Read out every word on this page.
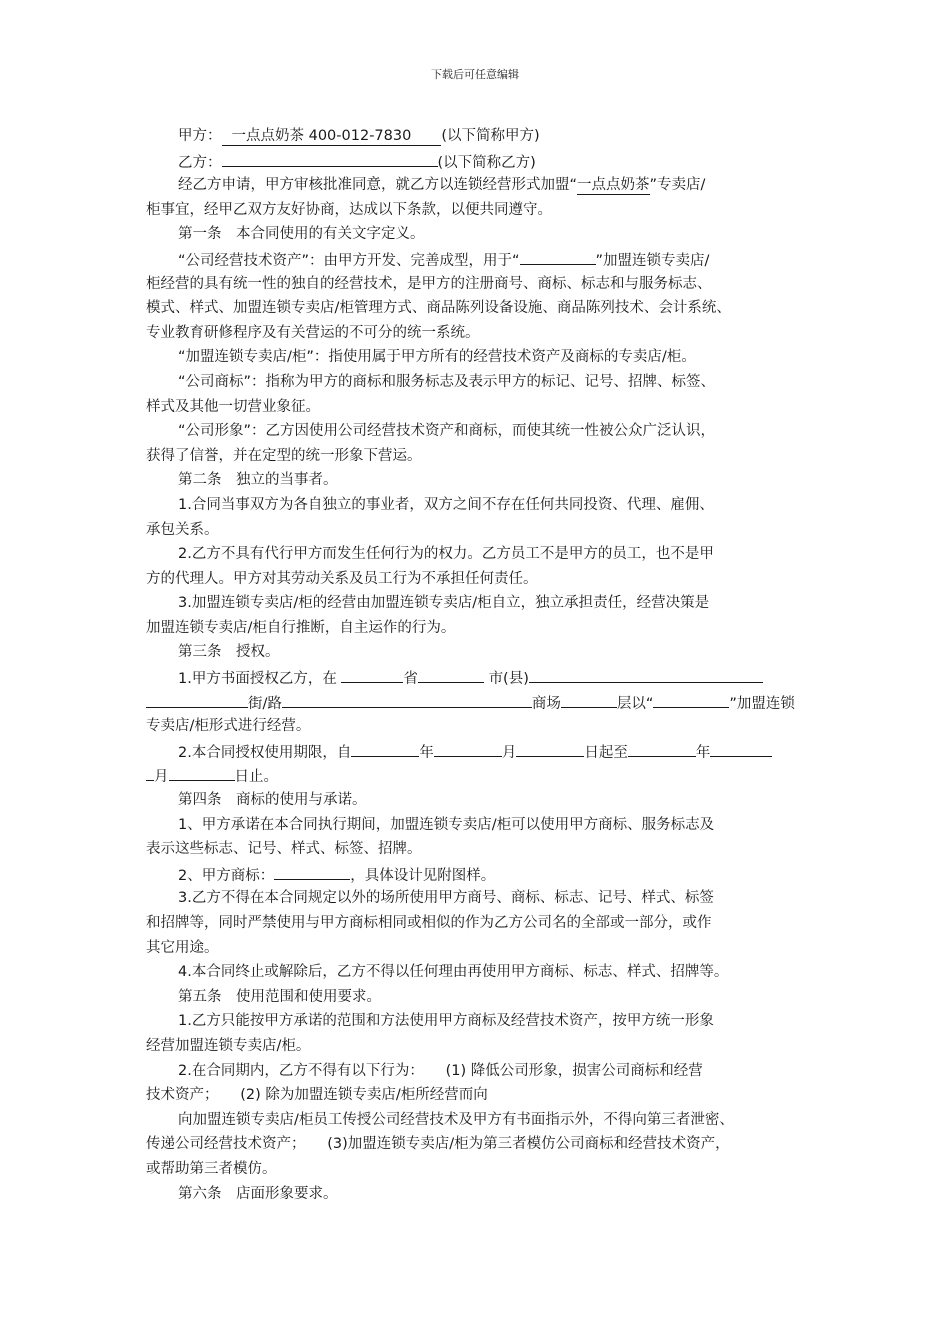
下载后可任意编辑
甲方： 一点点奶茶 400-012-7830 (以下简称甲方)
乙方：	(以下简称乙方)
经乙方申请，甲方审核批准同意，就乙方以连锁经营形式加盟“一点点奶茶”专卖店/
柜事宜，经甲乙双方友好协商，达成以下条款，以便共同遵守。
第一条　本合同使用的有关文字定义。
“公司经营技术资产”：由甲方开发、完善成型，用于“	”加盟连锁专卖店/
柜经营的具有统一性的独自的经营技术，是甲方的注册商号、商标、标志和与服务标志、
模式、样式、加盟连锁专卖店/柜管理方式、商品陈列设备设施、商品陈列技术、会计系统、
专业教育研修程序及有关营运的不可分的统一系统。
“加盟连锁专卖店/柜”：指使用属于甲方所有的经营技术资产及商标的专卖店/柜。
“公司商标”：指称为甲方的商标和服务标志及表示甲方的标记、记号、招牌、标签、
样式及其他一切营业象征。
“公司形象”：乙方因使用公司经营技术资产和商标，而使其统一性被公众广泛认识，
获得了信誉，并在定型的统一形象下营运。
第二条　独立的当事者。
1.合同当事双方为各自独立的事业者，双方之间不存在任何共同投资、代理、雇佣、
承包关系。
2.乙方不具有代行甲方而发生任何行为的权力。乙方员工不是甲方的员工，也不是甲
方的代理人。甲方对其劳动关系及员工行为不承担任何责任。
3.加盟连锁专卖店/柜的经营由加盟连锁专卖店/柜自立，独立承担责任，经营决策是
加盟连锁专卖店/柜自行推断，自主运作的行为。
第三条　授权。
1.甲方书面授权乙方，在	省	市(县)
街/路	商场	层以“	”加盟连锁
专卖店/柜形式进行经营。
2.本合同授权使用期限，自	年	月	日起至	年
月	日止。
第四条　商标的使用与承诺。
1、甲方承诺在本合同执行期间，加盟连锁专卖店/柜可以使用甲方商标、服务标志及
表示这些标志、记号、样式、标签、招牌。
2、甲方商标：	，具体设计见附图样。
3.乙方不得在本合同规定以外的场所使用甲方商号、商标、标志、记号、样式、标签
和招牌等，同时严禁使用与甲方商标相同或相似的作为乙方公司名的全部或一部分，或作
其它用途。
4.本合同终止或解除后，乙方不得以任何理由再使用甲方商标、标志、样式、招牌等。
第五条　使用范围和使用要求。
1.乙方只能按甲方承诺的范围和方法使用甲方商标及经营技术资产，按甲方统一形象
经营加盟连锁专卖店/柜。
2.在合同期内，乙方不得有以下行为：　　(1) 降低公司形象，损害公司商标和经营
技术资产；　　(2) 除为加盟连锁专卖店/柜所经营而向
向加盟连锁专卖店/柜员工传授公司经营技术及甲方有书面指示外，不得向第三者泄密、
传递公司经营技术资产；　　(3)加盟连锁专卖店/柜为第三者模仿公司商标和经营技术资产，
或帮助第三者模仿。
第六条　店面形象要求。
